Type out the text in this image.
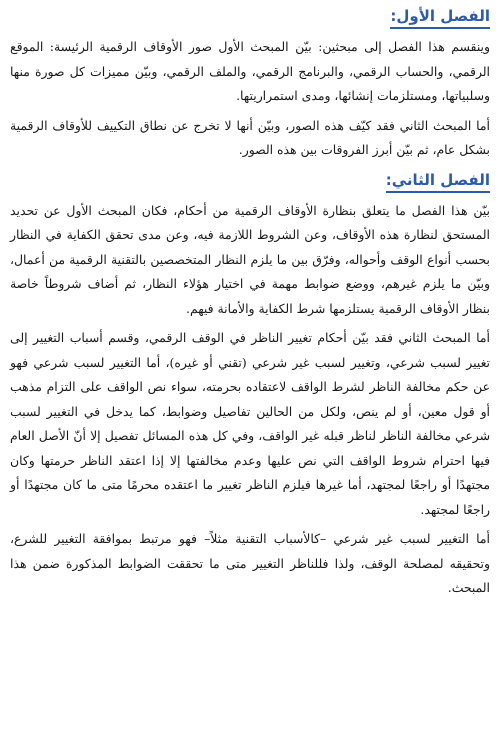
الفصل الأول:

وينقسم هذا الفصل إلى مبحثين: بيّن المبحث الأول صور الأوقاف الرقمية الرئيسة: الموقع الرقمي، والحساب الرقمي، والبرنامج الرقمي، والملف الرقمي، وبيّن مميزات كل صورة منها وسلبياتها، ومستلزمات إنشائها، ومدى استمراريتها.

أما المبحث الثاني فقد كيّف هذه الصور، وبيّن أنها لا تخرج عن نطاق التكييف للأوقاف الرقمية بشكل عام، ثم بيّن أبرز الفروقات بين هذه الصور.

الفصل الثاني:

بيّن هذا الفصل ما يتعلق بنظارة الأوقاف الرقمية من أحكام، فكان المبحث الأول عن تحديد المستحق لنظارة هذه الأوقاف، وعن الشروط اللازمة فيه، وعن مدى تحقق الكفاية في النظار بحسب أنواع الوقف وأحواله، وفرّق بين ما يلزم النظار المتخصصين بالتقنية الرقمية من أعمال، وبيّن ما يلزم غيرهم، ووضع ضوابط مهمة في اختيار هؤلاء النظار، ثم أضاف شروطاً خاصة بنظار الأوقاف الرقمية يستلزمها شرط الكفاية والأمانة فيهم.

أما المبحث الثاني فقد بيّن أحكام تغيير الناظر في الوقف الرقمي، وقسم أسباب التغيير إلى تغيير لسبب شرعي، وتغيير لسبب غير شرعي (تقني أو غيره)، أما التغيير لسبب شرعي فهو عن حكم مخالفة الناظر لشرط الواقف لاعتقاده بحرمته، سواء نص الواقف على التزام مذهب أو قول معين، أو لم ينص، ولكل من الحالين تفاصيل وضوابط، كما يدخل في التغيير لسبب شرعي مخالفة الناظر لناظر قبله غير الواقف، وفي كل هذه المسائل تفصيل إلا أنّ الأصل العام فيها احترام شروط الواقف التي نص عليها وعدم مخالفتها إلا إذا اعتقد الناظر حرمتها وكان مجتهدًا أو راجعًا لمجتهد، أما غيرها فيلزم الناظر تغيير ما اعتقده محرمًا متى ما كان مجتهدًا أو راجعًا لمجتهد.

أما التغيير لسبب غير شرعي –كالأسباب التقنية مثلاً– فهو مرتبط بموافقة التغيير للشرع، وتحقيقه لمصلحة الوقف، ولذا فللناظر التغيير متى ما تحققت الضوابط المذكورة ضمن هذا المبحث.
